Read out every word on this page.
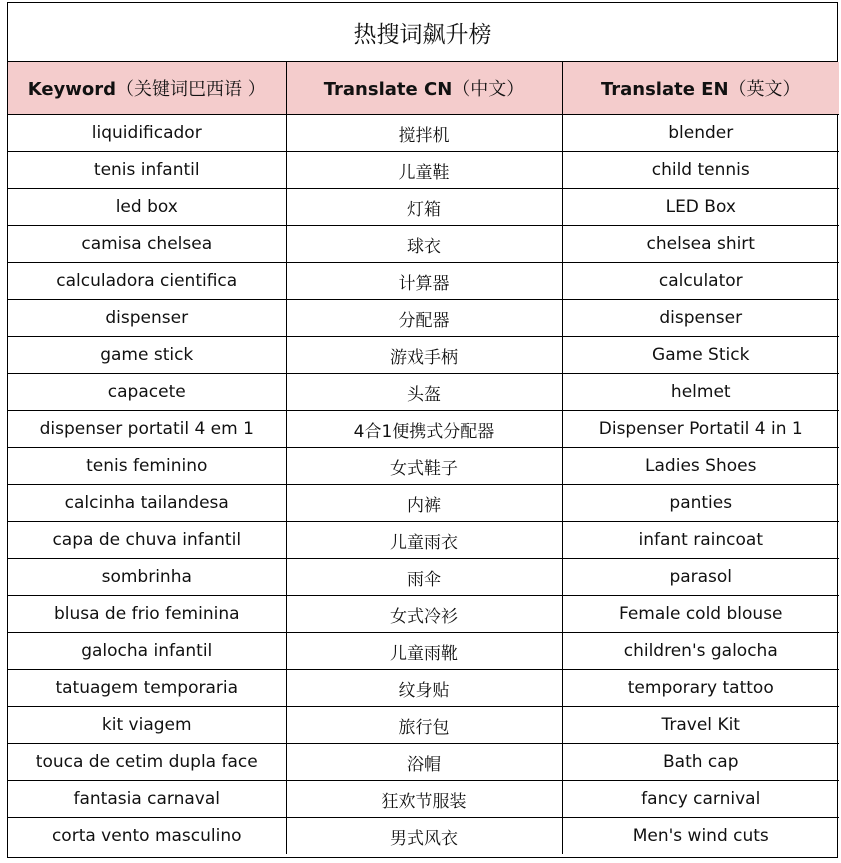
热搜词飙升榜
Keyword（关键词巴西语 ）	Translate CN（中文）	Translate EN（英文）
liquidificador	搅拌机	blender
tenis infantil	儿童鞋	child tennis
led box	灯箱	LED Box
camisa chelsea	球衣	chelsea shirt
calculadora cientifica	计算器	calculator
dispenser	分配器	dispenser
game stick	游戏手柄	Game Stick
capacete	头盔	helmet
dispenser portatil 4 em 1	4合1便携式分配器	Dispenser Portatil 4 in 1
tenis feminino	女式鞋子	Ladies Shoes
calcinha tailandesa	内裤	panties
capa de chuva infantil	儿童雨衣	infant raincoat
sombrinha	雨伞	parasol
blusa de frio feminina	女式冷衫	Female cold blouse
galocha infantil	儿童雨靴	children's galocha
tatuagem temporaria	纹身贴	temporary tattoo
kit viagem	旅行包	Travel Kit
touca de cetim dupla face	浴帽	Bath cap
fantasia carnaval	狂欢节服装	fancy carnival
corta vento masculino	男式风衣	Men's wind cuts
